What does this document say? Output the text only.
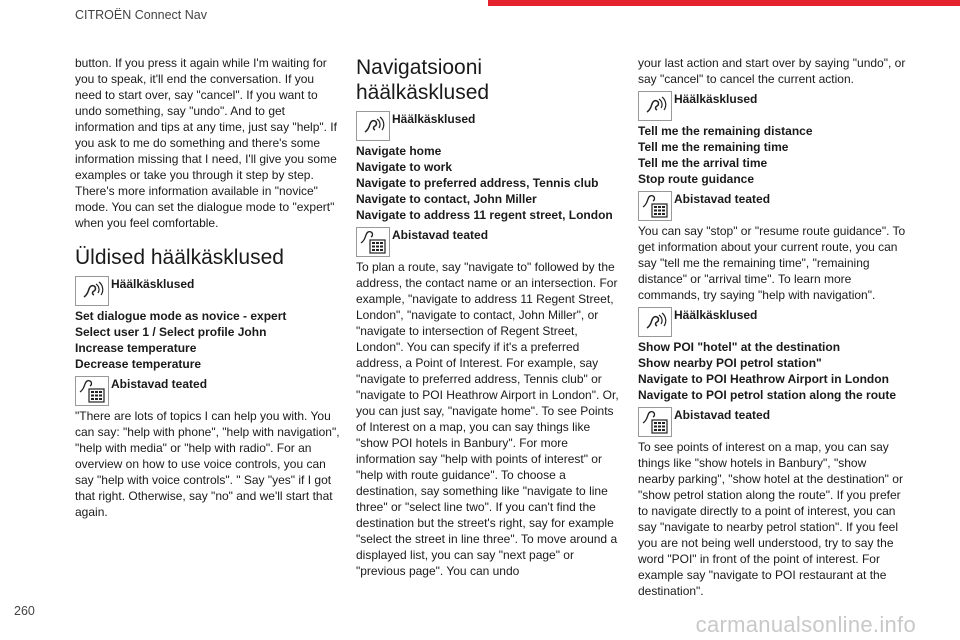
CITROËN Connect Nav

button. If you press it again while I'm waiting for you to speak, it'll end the conversation. If you need to start over, say "cancel". If you want to undo something, say "undo". And to get information and tips at any time, just say "help". If you ask to me do something and there's some information missing that I need, I'll give you some examples or take you through it step by step. There's more information available in "novice" mode. You can set the dialogue mode to "expert" when you feel comfortable.

Üldised häälkäsklused
Häälkäsklused
Set dialogue mode as novice - expert
Select user 1 / Select profile John
Increase temperature
Decrease temperature
Abistavad teated

"There are lots of topics I can help you with. You can say: "help with phone", "help with navigation", "help with media" or "help with radio". For an overview on how to use voice controls, you can say "help with voice controls". " Say "yes" if I got that right. Otherwise, say "no" and we'll start that again.

Navigatsiooni
häälkäsklused
Häälkäsklused
Navigate home
Navigate to work
Navigate to preferred address, Tennis club
Navigate to contact, John Miller
Navigate to address 11 regent street, London
Abistavad teated

To plan a route, say "navigate to" followed by the address, the contact name or an intersection. For example, "navigate to address 11 Regent Street, London", "navigate to contact, John Miller", or "navigate to intersection of Regent Street, London". You can specify if it's a preferred address, a Point of Interest. For example, say "navigate to preferred address, Tennis club" or "navigate to POI Heathrow Airport in London". Or, you can just say, "navigate home". To see Points of Interest on a map, you can say things like "show POI hotels in Banbury". For more information say "help with points of interest" or "help with route guidance". To choose a destination, say something like "navigate to line three" or "select line two". If you can't find the destination but the street's right, say for example "select the street in line three". To move around a displayed list, you can say "next page" or "previous page". You can undo

your last action and start over by saying "undo", or say "cancel" to cancel the current action.

Häälkäsklused
Tell me the remaining distance
Tell me the remaining time
Tell me the arrival time
Stop route guidance
Abistavad teated

You can say "stop" or "resume route guidance". To get information about your current route, you can say "tell me the remaining time", "remaining distance" or "arrival time". To learn more commands, try saying "help with navigation".

Häälkäsklused
Show POI "hotel" at the destination
Show nearby POI petrol station"
Navigate to POI Heathrow Airport in London
Navigate to POI petrol station along the route
Abistavad teated

To see points of interest on a map, you can say things like "show hotels in Banbury", "show nearby parking", "show hotel at the destination" or "show petrol station along the route". If you prefer to navigate directly to a point of interest, you can say "navigate to nearby petrol station". If you feel you are not being well understood, try to say the word "POI" in front of the point of interest. For example say "navigate to POI restaurant at the destination".

260
carmanualsonline.info
